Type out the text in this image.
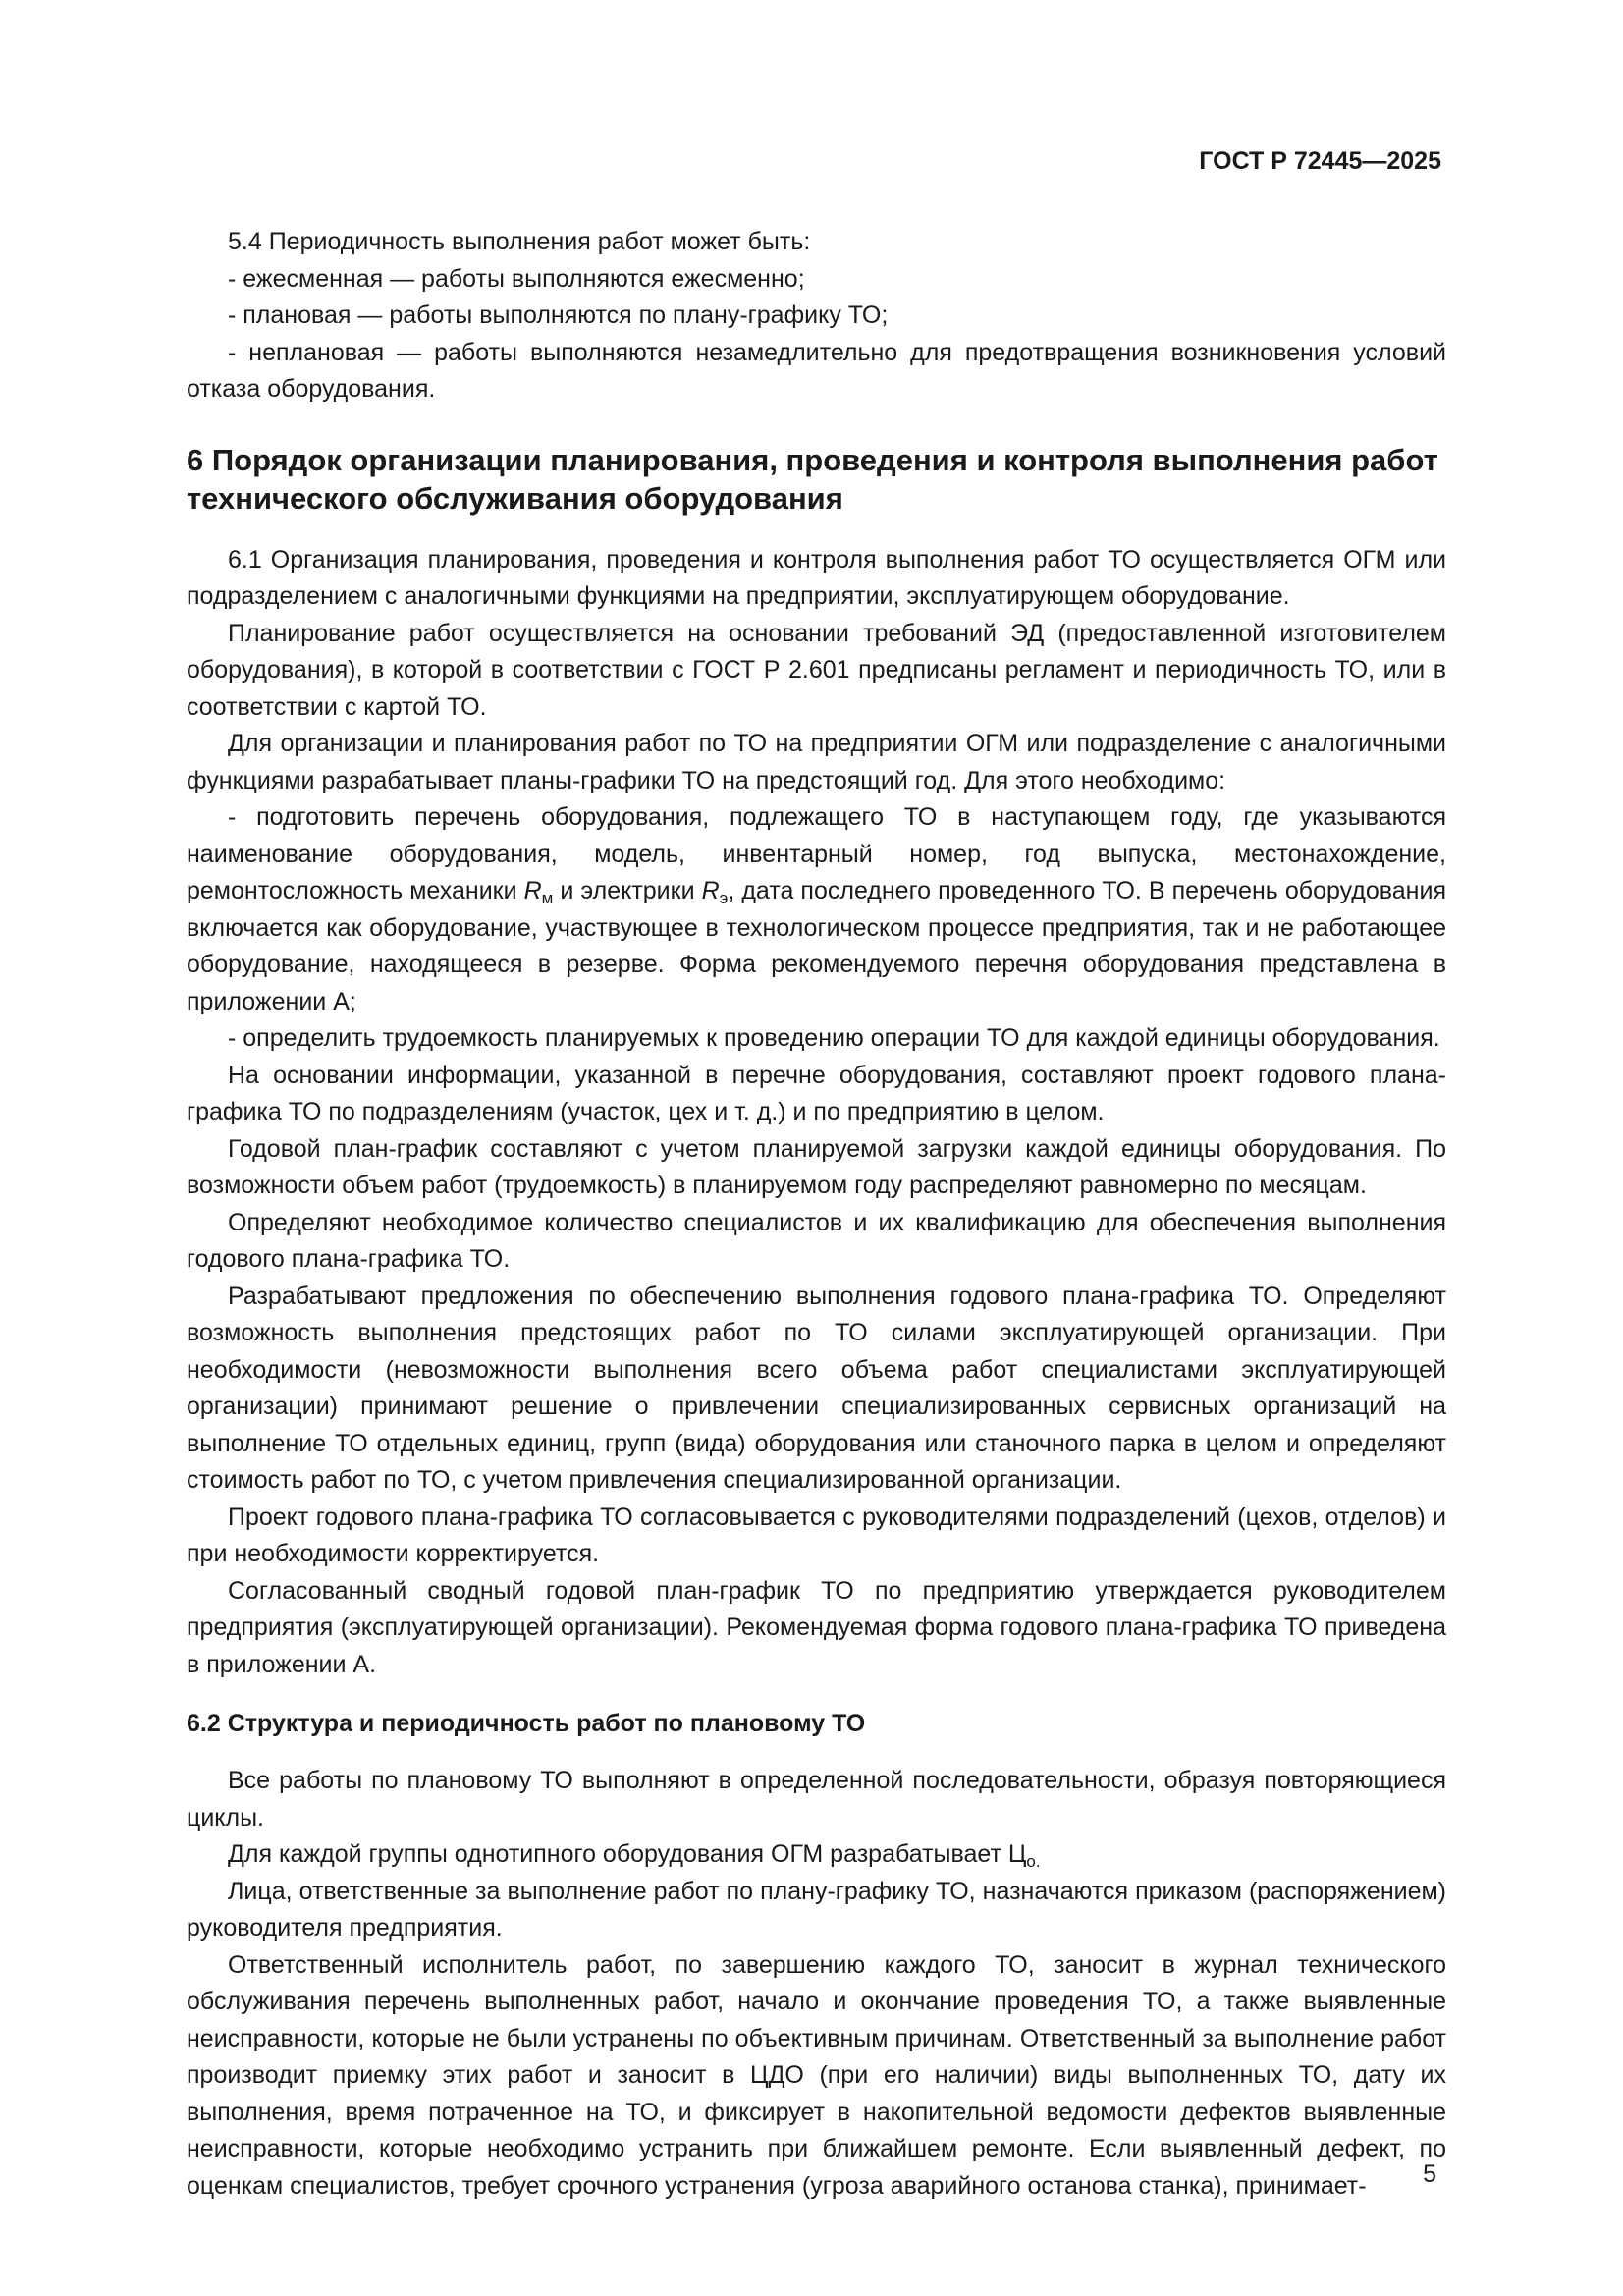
ГОСТ Р 72445—2025

5.4 Периодичность выполнения работ может быть:

- ежесменная — работы выполняются ежесменно;

- плановая — работы выполняются по плану-графику ТО;

- неплановая — работы выполняются незамедлительно для предотвращения возникновения условий отказа оборудования.

6 Порядок организации планирования, проведения и контроля выполнения работ технического обслуживания оборудования

6.1 Организация планирования, проведения и контроля выполнения работ ТО осуществляется ОГМ или подразделением с аналогичными функциями на предприятии, эксплуатирующем оборудование.

Планирование работ осуществляется на основании требований ЭД (предоставленной изготовителем оборудования), в которой в соответствии с ГОСТ Р 2.601 предписаны регламент и периодичность ТО, или в соответствии с картой ТО.

Для организации и планирования работ по ТО на предприятии ОГМ или подразделение с аналогичными функциями разрабатывает планы-графики ТО на предстоящий год. Для этого необходимо:

- подготовить перечень оборудования, подлежащего ТО в наступающем году, где указываются наименование оборудования, модель, инвентарный номер, год выпуска, местонахождение, ремонтосложность механики $R_м$ и электрики $R_э$, дата последнего проведенного ТО. В перечень оборудования включается как оборудование, участвующее в технологическом процессе предприятия, так и не работающее оборудование, находящееся в резерве. Форма рекомендуемого перечня оборудования представлена в приложении А;

- определить трудоемкость планируемых к проведению операции ТО для каждой единицы оборудования.

На основании информации, указанной в перечне оборудования, составляют проект годового плана-графика ТО по подразделениям (участок, цех и т. д.) и по предприятию в целом.

Годовой план-график составляют с учетом планируемой загрузки каждой единицы оборудования. По возможности объем работ (трудоемкость) в планируемом году распределяют равномерно по месяцам.

Определяют необходимое количество специалистов и их квалификацию для обеспечения выполнения годового плана-графика ТО.

Разрабатывают предложения по обеспечению выполнения годового плана-графика ТО. Определяют возможность выполнения предстоящих работ по ТО силами эксплуатирующей организации. При необходимости (невозможности выполнения всего объема работ специалистами эксплуатирующей организации) принимают решение о привлечении специализированных сервисных организаций на выполнение ТО отдельных единиц, групп (вида) оборудования или станочного парка в целом и определяют стоимость работ по ТО, с учетом привлечения специализированной организации.

Проект годового плана-графика ТО согласовывается с руководителями подразделений (цехов, отделов) и при необходимости корректируется.

Согласованный сводный годовой план-график ТО по предприятию утверждается руководителем предприятия (эксплуатирующей организации). Рекомендуемая форма годового плана-графика ТО приведена в приложении А.

6.2 Структура и периодичность работ по плановому ТО

Все работы по плановому ТО выполняют в определенной последовательности, образуя повторяющиеся циклы.

Для каждой группы однотипного оборудования ОГМ разрабатывает $Ц_{о.}$

Лица, ответственные за выполнение работ по плану-графику ТО, назначаются приказом (распоряжением) руководителя предприятия.

Ответственный исполнитель работ, по завершению каждого ТО, заносит в журнал технического обслуживания перечень выполненных работ, начало и окончание проведения ТО, а также выявленные неисправности, которые не были устранены по объективным причинам. Ответственный за выполнение работ производит приемку этих работ и заносит в ЦДО (при его наличии) виды выполненных ТО, дату их выполнения, время потраченное на ТО, и фиксирует в накопительной ведомости дефектов выявленные неисправности, которые необходимо устранить при ближайшем ремонте. Если выявленный дефект, по оценкам специалистов, требует срочного устранения (угроза аварийного останова станка), принимает-	5
